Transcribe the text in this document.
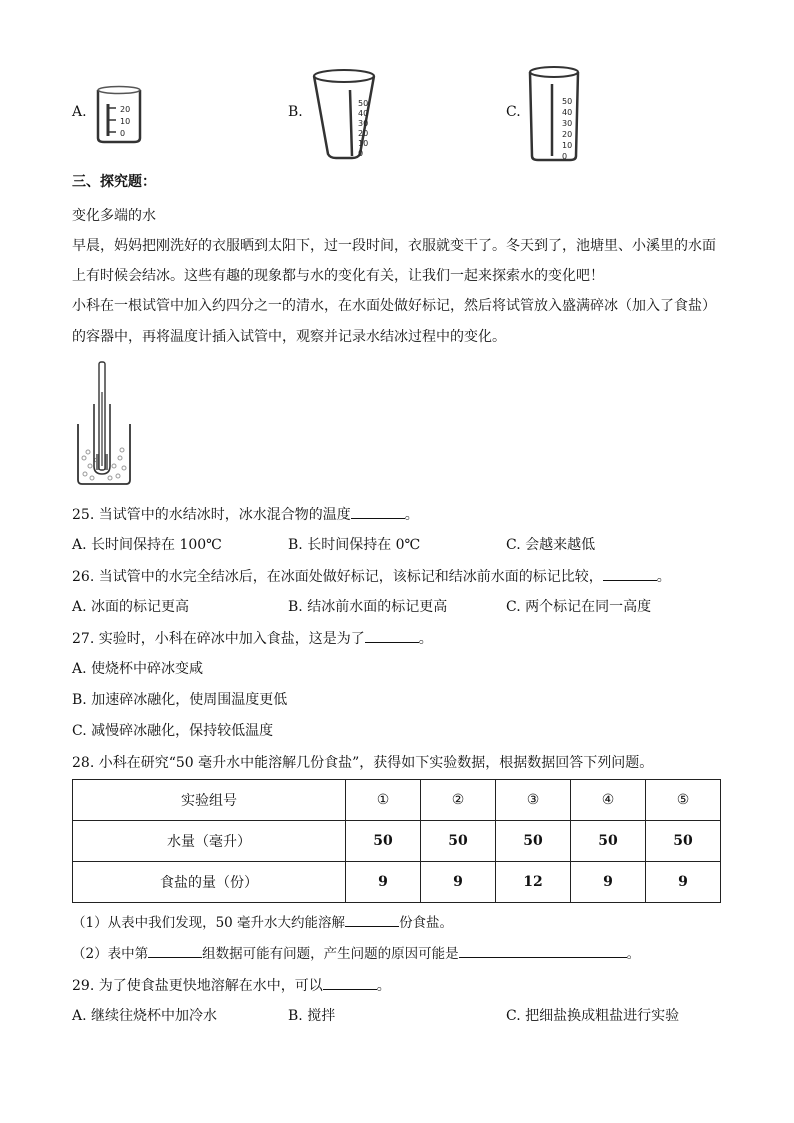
A.	20
10
0
B.
50
40
30
20
10
0
C.
50
40
30
20
10
0
三、探究题：
变化多端的水
早晨，妈妈把刚洗好的衣服晒到太阳下，过一段时间，衣服就变干了。冬天到了，池塘里、小溪里的水面
上有时候会结冰。这些有趣的现象都与水的变化有关，让我们一起来探索水的变化吧！
小科在一根试管中加入约四分之一的清水，在水面处做好标记，然后将试管放入盛满碎冰（加入了食盐）
的容器中，再将温度计插入试管中，观察并记录水结冰过程中的变化。
25. 当试管中的水结冰时，冰水混合物的温度	。
A. 长时间保持在 100℃	B. 长时间保持在 0℃	C. 会越来越低
26. 当试管中的水完全结冰后，在冰面处做好标记，该标记和结冰前水面的标记比较，	。
A. 冰面的标记更高	B. 结冰前水面的标记更高	C. 两个标记在同一高度
27. 实验时，小科在碎冰中加入食盐，这是为了	。
A. 使烧杯中碎冰变咸
B. 加速碎冰融化，使周围温度更低
C. 减慢碎冰融化，保持较低温度
28. 小科在研究“50 毫升水中能溶解几份食盐”，获得如下实验数据，根据数据回答下列问题。
实验组号	①	②	③	④	⑤
水量（毫升）	50	50	50	50	50
食盐的量（份）	9	9	12	9	9
（1）从表中我们发现，50 毫升水大约能溶解	份食盐。
（2）表中第	组数据可能有问题，产生问题的原因可能是	。
29. 为了使食盐更快地溶解在水中，可以	。
A. 继续往烧杯中加冷水	B. 搅拌	C. 把细盐换成粗盐进行实验
